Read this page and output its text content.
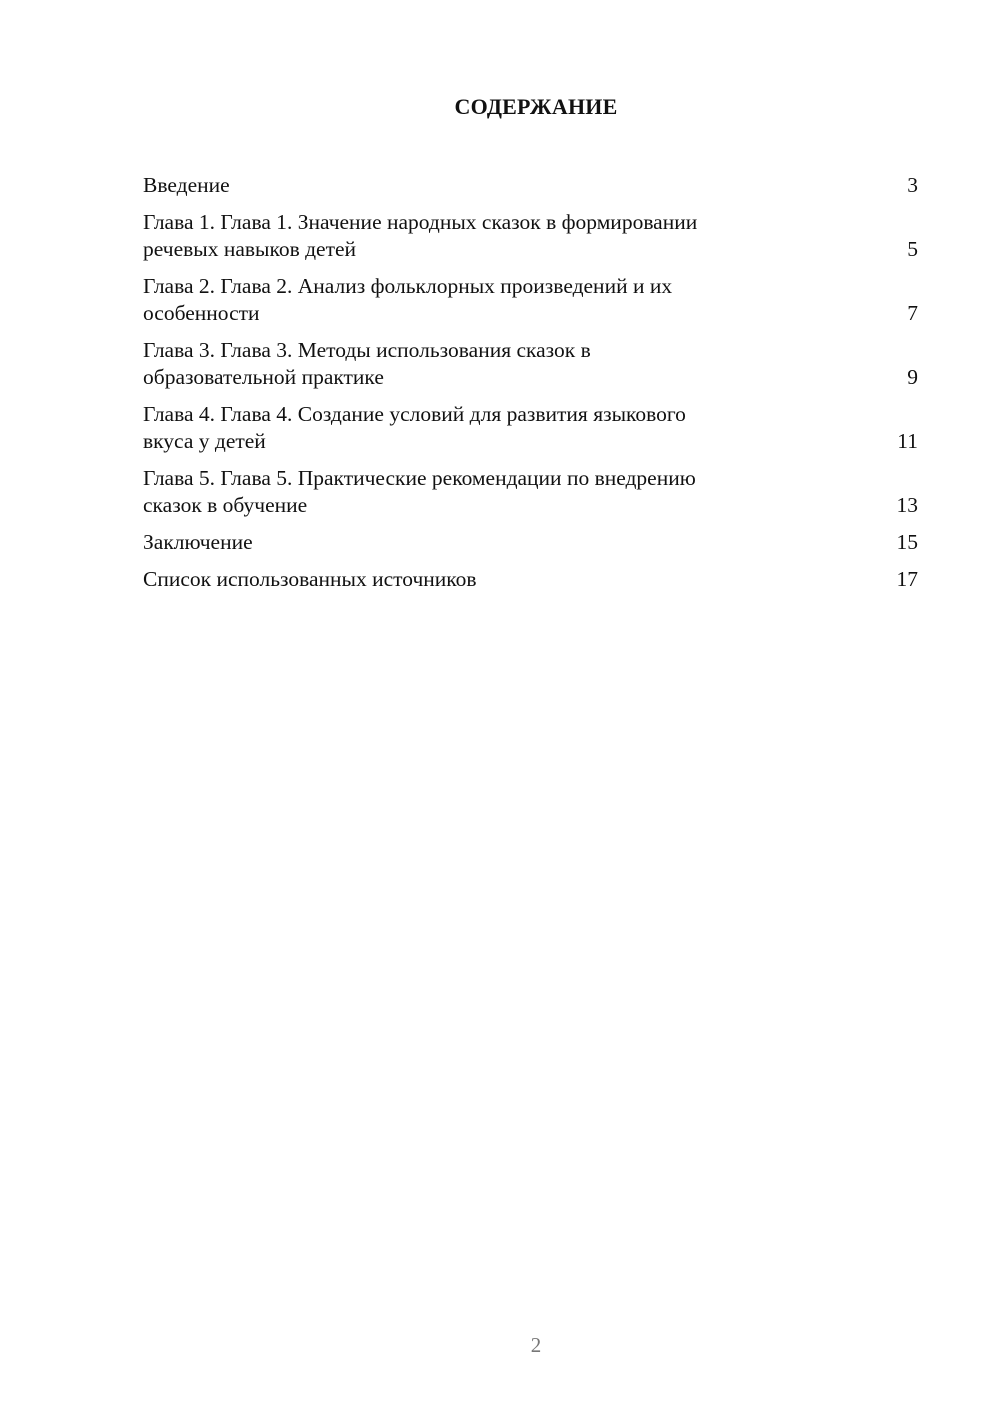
СОДЕРЖАНИЕ
Введение	3
Глава 1. Глава 1. Значение народных сказок в формировании
речевых навыков детей	5
Глава 2. Глава 2. Анализ фольклорных произведений и их
особенности	7
Глава 3. Глава 3. Методы использования сказок в
образовательной практике	9
Глава 4. Глава 4. Создание условий для развития языкового
вкуса у детей	11
Глава 5. Глава 5. Практические рекомендации по внедрению
сказок в обучение	13
Заключение	15
Список использованных источников	17
2
